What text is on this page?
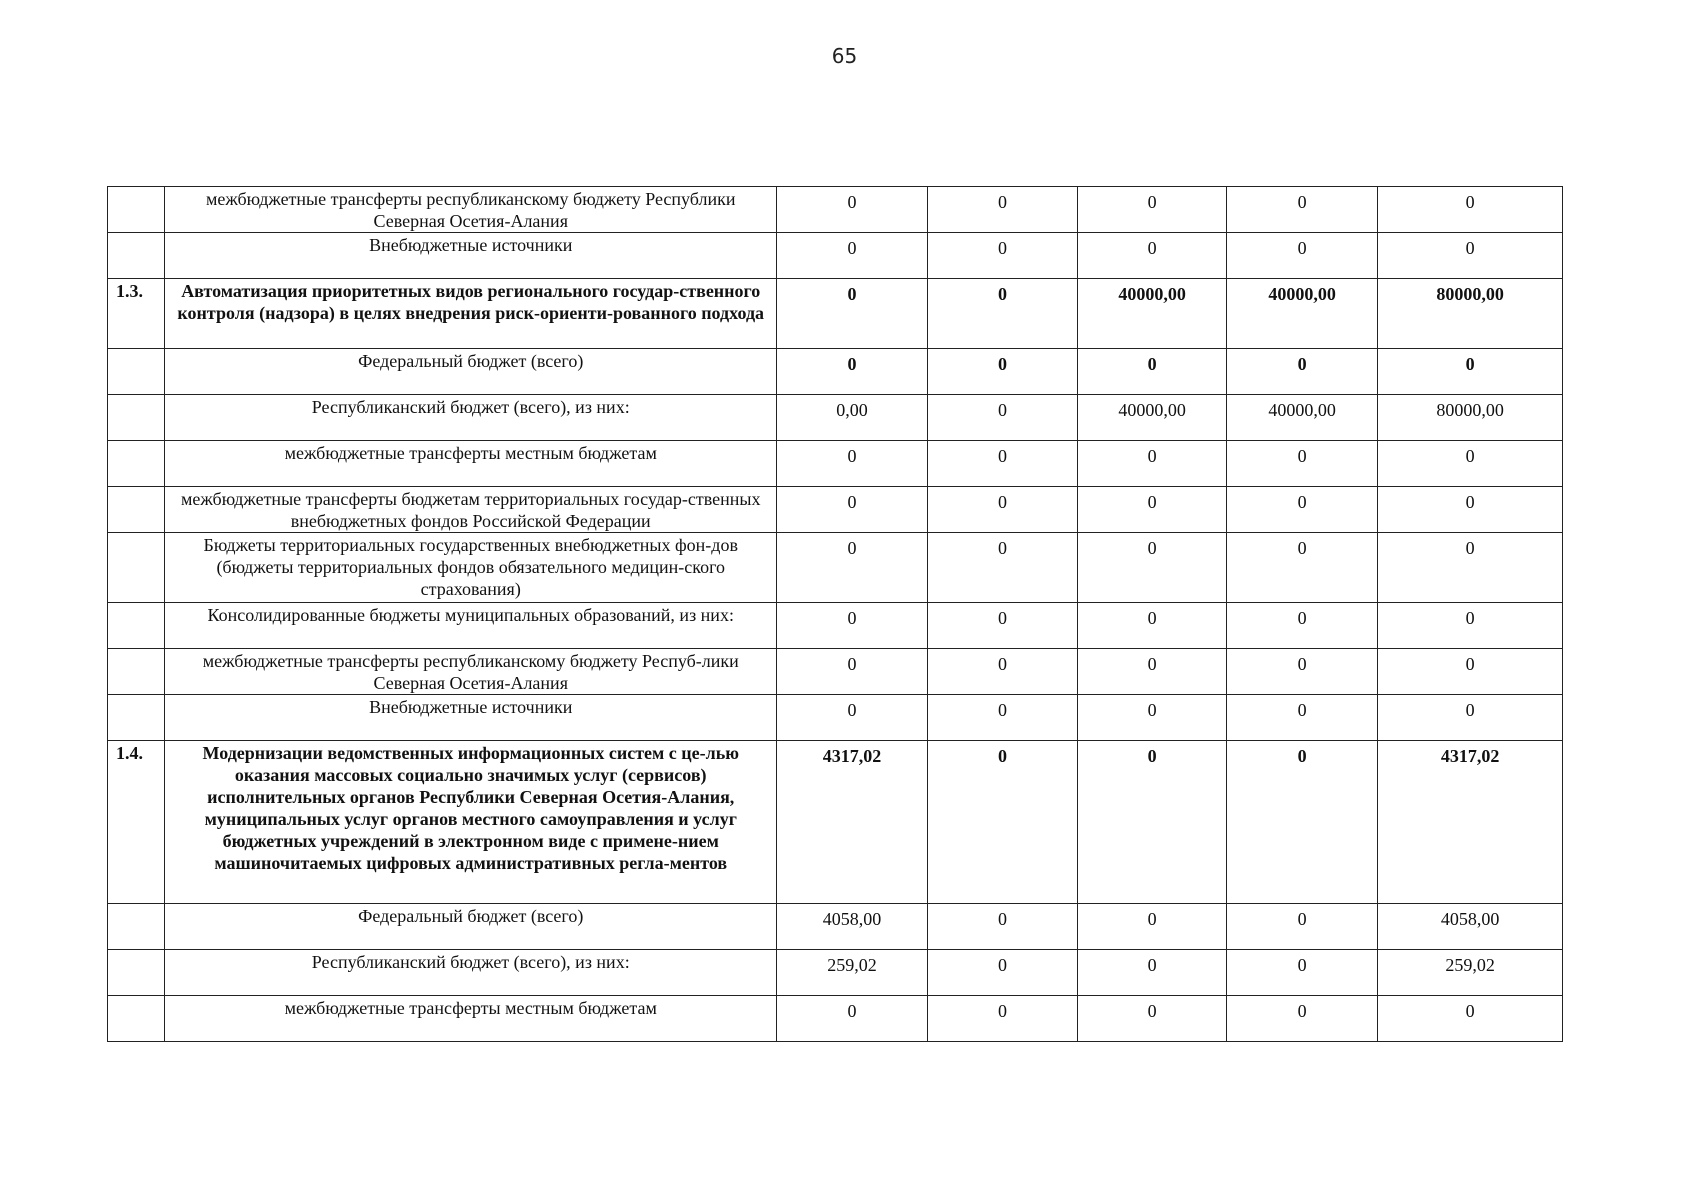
65
	межбюджетные трансферты республиканскому бюджету Республики Северная Осетия-Алания	0	0	0	0	0
	Внебюджетные источники	0	0	0	0	0
1.3.	Автоматизация приоритетных видов регионального государ-ственного контроля (надзора) в целях внедрения риск-ориенти-рованного подхода	0	0	40000,00	40000,00	80000,00
	Федеральный бюджет (всего)	0	0	0	0	0
	Республиканский бюджет (всего), из них:	0,00	0	40000,00	40000,00	80000,00
	межбюджетные трансферты местным бюджетам	0	0	0	0	0
	межбюджетные трансферты бюджетам территориальных государ-ственных внебюджетных фондов Российской Федерации	0	0	0	0	0
	Бюджеты территориальных государственных внебюджетных фон-дов (бюджеты территориальных фондов обязательного медицин-ского страхования)	0	0	0	0	0
	Консолидированные бюджеты муниципальных образований, из них:	0	0	0	0	0
	межбюджетные трансферты республиканскому бюджету Респуб-лики Северная Осетия-Алания	0	0	0	0	0
	Внебюджетные источники	0	0	0	0	0
1.4.	Модернизации ведомственных информационных систем с це-лью оказания массовых социально значимых услуг (сервисов) исполнительных органов Республики Северная Осетия-Алания, муниципальных услуг органов местного самоуправления и услуг бюджетных учреждений в электронном виде с примене-нием машиночитаемых цифровых административных регла-ментов	4317,02	0	0	0	4317,02
	Федеральный бюджет (всего)	4058,00	0	0	0	4058,00
	Республиканский бюджет (всего), из них:	259,02	0	0	0	259,02
	межбюджетные трансферты местным бюджетам	0	0	0	0	0
